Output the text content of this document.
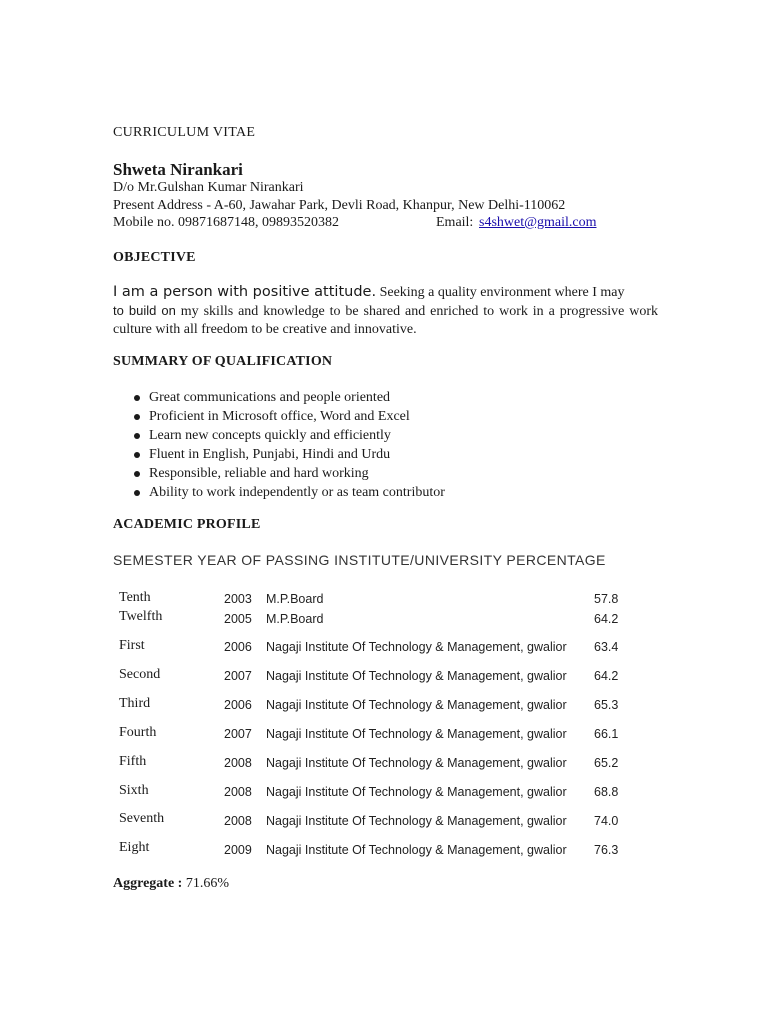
CURRICULUM VITAE
Shweta Nirankari
D/o Mr.Gulshan Kumar Nirankari
Present Address - A-60, Jawahar Park, Devli Road, Khanpur, New Delhi-110062
Mobile no. 09871687148, 09893520382	Email: s4shwet@gmail.com
OBJECTIVE
I am a person with positive attitude. Seeking a quality environment where I may
to build on my skills and knowledge to be shared and enriched to work in a progressive work culture with all freedom to be creative and innovative.
SUMMARY OF QUALIFICATION
Great communications and people oriented
Proficient in Microsoft office, Word and Excel
Learn new concepts quickly and efficiently
Fluent in English, Punjabi, Hindi and Urdu
Responsible, reliable and hard working
Ability to work independently or as team contributor
ACADEMIC PROFILE
SEMESTER YEAR OF PASSING INSTITUTE/UNIVERSITY PERCENTAGE
Tenth	2003 M.P.Board	57.8
Twelfth	2005 M.P.Board	64.2
First	2006 Nagaji Institute Of Technology & Management, gwalior 63.4
Second	2007 Nagaji Institute Of Technology & Management, gwalior 64.2
Third	2006 Nagaji Institute Of Technology & Management, gwalior 65.3
Fourth	2007 Nagaji Institute Of Technology & Management, gwalior 66.1
Fifth	2008 Nagaji Institute Of Technology & Management, gwalior 65.2
Sixth	2008 Nagaji Institute Of Technology & Management, gwalior 68.8
Seventh	2008 Nagaji Institute Of Technology & Management, gwalior 74.0
Eight	2009 Nagaji Institute Of Technology & Management, gwalior 76.3
Aggregate : 71.66%
